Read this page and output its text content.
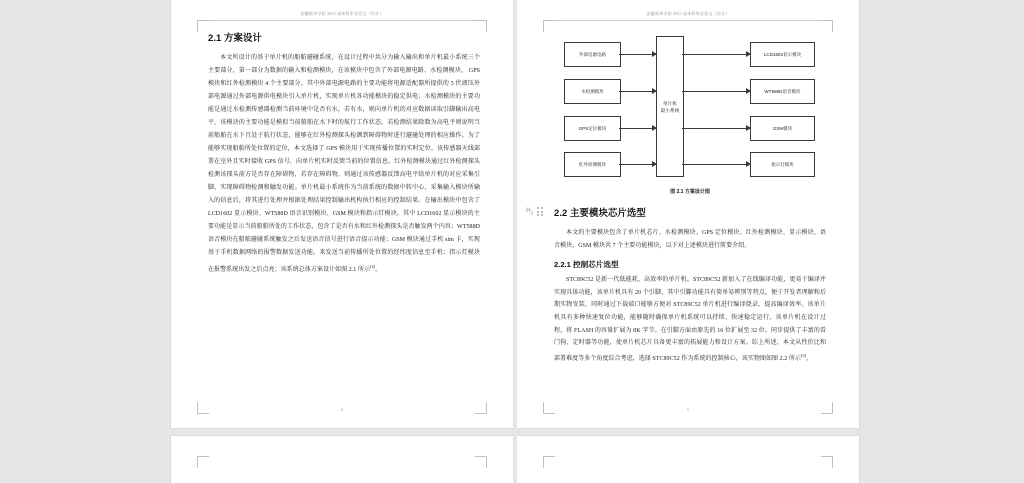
安徽新华学院 2023 届本科毕业论文（设计）
2.1 方案设计

本文所设计的基于单片机的船舶避碰系统，在设计过程中共分为输入输出和单片机最小系统三个主要部分，第一部分为数据的输入和检测模块，在该模块中包含了外部电源电路、水检测模块、 GPS 模块和红外检测模块 4 个主要部分。其中外部电源电路的主要功能将电源适配器所提供的 5 伏液压外部电源通过外部电源供电模块引入单片机，实现单片机各功能模块的稳定供电；水检测模块的主要功能是通过水检测传感器检测当前环境中是否有水，若有水，则向单片机的对应数据读取引脚输出高电平，该模块的主要功能是模拟当前船舶在水下时的航行工作状态。若检测结果除数为高电平则说明当前船舶在水下且处于航行状态，能够在红外检测探头检测到障碍物时进行避碰处理的相应操作。为了能够实现船舶所处位置的定位，本文选择了 GPS 模块用于实现传播位置的实时定位，该传感器天线部署在室外且实时接收 GPS 信号，向单片机实时反馈当前的位置信息。红外检测模块通过红外检测探头检测该探头前方是否存在障碍物，若存在障碍物，则通过该传感器反馈高电平给单片机的对应采集引脚，实现障碍物检测和触发功能。单片机最小系统作为当前系统的数据中转中心，采集输入模块所输入的信息后，将其进行处理并根据处理结果控制输出机构执行相应的控制结果。在输出模块中包含了 LCD1602 显示模块、WT588D 语音识别模块、GSM 模块和指示灯模块。其中 LCD1602 显示模块的主要功能是显示当前船舶所处的工作状态，包含了是否有水和红外检测探头是否触发两个内容；WT588D 语音模块在船舶避碰系统触发之后发送语音信号进行语音提示功能；GSM 模块通过手机 sim 卡，实现基于手机数据网络的报警数据发送功能，来发送当前传播所处位置的经纬度信息至手机；指示灯模块在报警系统出发之后点亮；该系统总体方案设计如图 2.1 所示[4]。

4
安徽新华学院 2023 届本科毕业论文（设计）
外部电源电路
水检测模块
GPS定位模块
红外检测模块
单片机
最小系统
LCD1602显示模块
WT588D语音模块
GSM模块
指示灯模块
图 2.1 方案设计图
$H_2$ 2.2 主要模块芯片选型

本文的主要模块包含了单片机芯片、水检测模块、GPS 定位模块、红外检测模块、显示模块、语音模块、GSM 模块共 7 个主要功能模块，以下对上述模块进行简要介绍。

2.2.1 控制芯片选型

STC89C52 是新一代低能耗、高效率的单片机。STC89C52 新加入了在线编译功能，更易于编译并实现具体功能，该单片机具有 20 个引脚，其中引脚功能具有简单易辨别等特点，便于开发者理解和后期实物安装，同时通过下载端口能够方便对 STC89C52 单片机进行编译烧录，提高编译效率。该单片机具有多种快速复位功能，能够随时确保单片机系统可以持续、快速稳定运行。该单片机在设计过程，将 FLASH 的容量扩展为 8K 字节。在引脚方面由原先的 16 位扩展至 32 位。同步提供了丰富的看门狗、定时器等功能，使单片机芯片具备更丰富的拓展能力和设计方案。综上所述，本文从性价比和部署难度等多个角度综合考虑，选择 STC89C52 作为系统的控制核心，该实物图如图 2.2 所示[5]。

5
